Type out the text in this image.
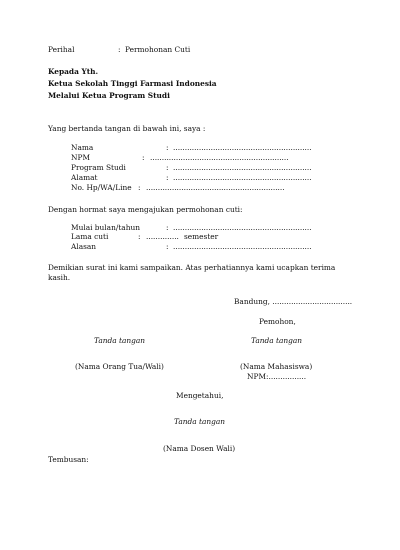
Perihal	: Permohonan Cuti
Kepada Yth.
Ketua Sekolah Tinggi Farmasi Indonesia
Melalui Ketua Program Studi
Yang bertanda tangan di bawah ini, saya :
Nama	: ...........................................................
NPM	: ...........................................................
Program Studi	: ...........................................................
Alamat	: ...........................................................
No. Hp/WA/Line : ...........................................................
Dengan hormat saya mengajukan permohonan cuti:
Mulai bulan/tahun	: ...........................................................
Lama cuti	: .............. semester
Alasan	: ...........................................................
Demikian surat ini kami sampaikan. Atas perhatiannya kami ucapkan terima
kasih.
Bandung, ..................................
Pemohon,
Tanda tangan	Tanda tangan
(Nama Orang Tua/Wali)	(Nama Mahasiswa)
NPM:................
Mengetahui,
Tanda tangan
(Nama Dosen Wali)
Tembusan:
